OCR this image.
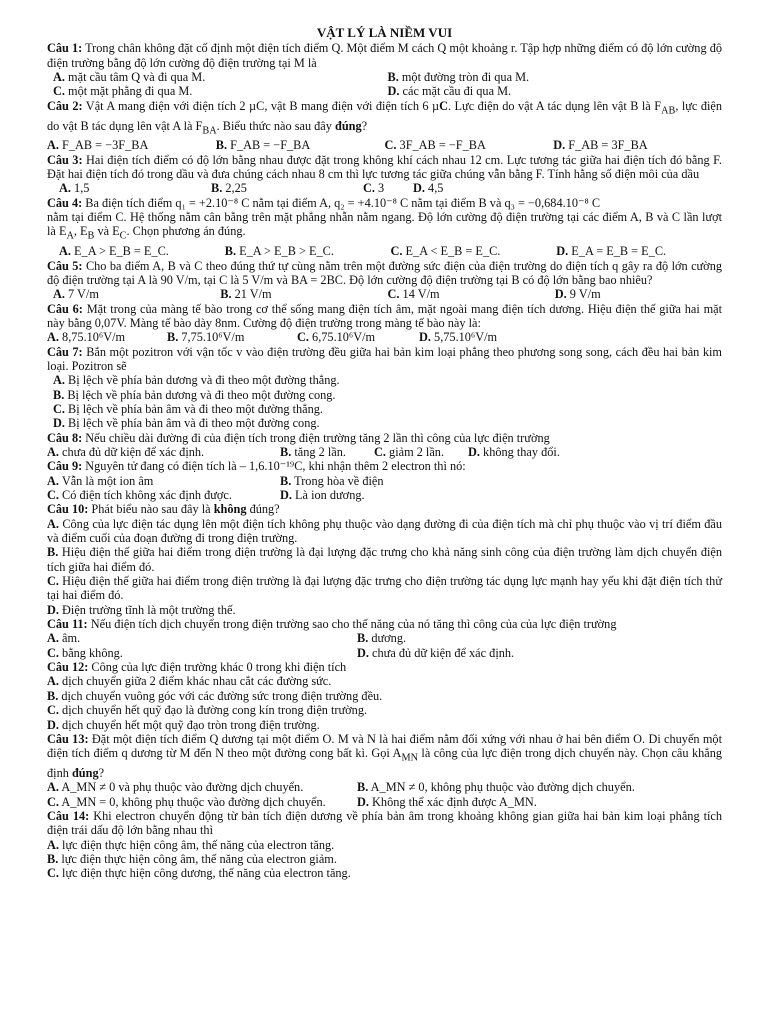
VẬT LÝ LÀ NIỀM VUI
Câu 1: Trong chân không đặt cố định một điện tích điểm Q. Một điểm M cách Q một khoảng r. Tập hợp những điểm có độ lớn cường độ điện trường bằng độ lớn cường độ điện trường tại M là
A. mặt cầu tâm Q và đi qua M.	B. một đường tròn đi qua M.
C. một mặt phẳng đi qua M.	D. các mặt cầu đi qua M.
Câu 2: Vật A mang điện với điện tích 2 µC, vật B mang điện với điện tích 6 µC. Lực điện do vật A tác dụng lên vật B là $F_{AB}$, lực điện do vật B tác dụng lên vật A là $F_{BA}$. Biểu thức nào sau đây đúng?
A. F_AB = −3F_BA	B. F_AB = −F_BA	C. 3F_AB = −F_BA	D. F_AB = 3F_BA
Câu 3: Hai điện tích điểm có độ lớn bằng nhau được đặt trong không khí cách nhau 12 cm. Lực tương tác giữa hai điện tích đó bằng F. Đặt hai điện tích đó trong dầu và đưa chúng cách nhau 8 cm thì lực tương tác giữa chúng vẫn bằng F. Tính hằng số điện môi của dầu
A. 1,5	B. 2,25	C. 3	D. 4,5
Câu 4: Ba điện tích điểm q₁ = +2.10⁻⁸ C nằm tại điểm A, q₂ = +4.10⁻⁸ C nằm tại điểm B và q₃ = −0,684.10⁻⁸ C
nằm tại điểm C. Hệ thống nằm cân bằng trên mặt phẳng nhẵn nằm ngang. Độ lớn cường độ điện trường tại các điểm A, B và C lần lượt là $E_A$, $E_B$ và $E_C$. Chọn phương án đúng.
A. E_A > E_B = E_C.	B. E_A > E_B > E_C.	C. E_A < E_B = E_C.	D. E_A = E_B = E_C.
Câu 5: Cho ba điểm A, B và C theo đúng thứ tự cùng nằm trên một đường sức điện của điện trường do điện tích q gây ra độ lớn cường độ điện trường tại A là 90 V/m, tại C là 5 V/m và BA = 2BC. Độ lớn cường độ điện trường tại B có độ lớn bằng bao nhiêu?
A. 7 V/m	B. 21 V/m	C. 14 V/m	D. 9 V/m
Câu 6: Mặt trong của màng tế bào trong cơ thể sống mang điện tích âm, mặt ngoài mang điện tích dương. Hiệu điện thế giữa hai mặt này bằng 0,07V. Màng tế bào dày 8nm. Cường độ điện trường trong màng tế bào này là:
A. 8,75.10⁶V/m	B. 7,75.10⁶V/m	C. 6,75.10⁶V/m	D. 5,75.10⁶V/m
Câu 7: Bắn một pozitron với vận tốc v vào điện trường đều giữa hai bản kim loại phẳng theo phương song song, cách đều hai bản kim loại. Pozitron sẽ
A. Bị lệch về phía bản dương và đi theo một đường thẳng.
B. Bị lệch về phía bản dương và đi theo một đường cong.
C. Bị lệch về phía bản âm và đi theo một đường thẳng.
D. Bị lệch về phía bản âm và đi theo một đường cong.
Câu 8: Nếu chiều dài đường đi của điện tích trong điện trường tăng 2 lần thì công của lực điện trường
A. chưa đủ dữ kiện để xác định.	B. tăng 2 lần.	C. giảm 2 lần.	D. không thay đổi.
Câu 9: Nguyên tử đang có điện tích là – 1,6.10⁻¹⁹C, khi nhận thêm 2 electron thì nó:
A. Vẫn là một ion âm	B. Trong hòa về điện
C. Có điện tích không xác định được.	D. Là ion dương.
Câu 10: Phát biểu nào sau đây là không đúng?
A. Công của lực điện tác dụng lên một điện tích không phụ thuộc vào dạng đường đi của điện tích mà chỉ phụ thuộc vào vị trí điểm đầu và điểm cuối của đoạn đường đi trong điện trường.
B. Hiệu điện thế giữa hai điểm trong điện trường là đại lượng đặc trưng cho khả năng sinh công của điện trường làm dịch chuyển điện tích giữa hai điểm đó.
C. Hiệu điện thế giữa hai điểm trong điện trường là đại lượng đặc trưng cho điện trường tác dụng lực mạnh hay yếu khi đặt điện tích thử tại hai điểm đó.
D. Điện trường tĩnh là một trường thế.
Câu 11: Nếu điện tích dịch chuyển trong điện trường sao cho thế năng của nó tăng thì công của của lực điện trường
A. âm.	B. dương.
C. bằng không.	D. chưa đủ dữ kiện để xác định.
Câu 12: Công của lực điện trường khác 0 trong khi điện tích
A. dịch chuyển giữa 2 điểm khác nhau cắt các đường sức.
B. dịch chuyển vuông góc với các đường sức trong điện trường đều.
C. dịch chuyển hết quỹ đạo là đường cong kín trong điện trường.
D. dịch chuyển hết một quỹ đạo tròn trong điện trường.
Câu 13: Đặt một điện tích điểm Q dương tại một điểm O. M và N là hai điểm nằm đối xứng với nhau ở hai bên điểm O. Di chuyển một điện tích điểm q dương từ M đến N theo một đường cong bất kì. Gọi $A_{MN}$ là công của lực điện trong dịch chuyển này. Chọn câu khẳng định đúng?
A. A_MN ≠ 0 và phụ thuộc vào đường dịch chuyển.	B. A_MN ≠ 0, không phụ thuộc vào đường dịch chuyển.
C. A_MN = 0, không phụ thuộc vào đường dịch chuyển.	D. Không thể xác định được A_MN.
Câu 14: Khi electron chuyển động từ bản tích điện dương về phía bản âm trong khoảng không gian giữa hai bản kim loại phẳng tích điện trái dấu độ lớn bằng nhau thì
A. lực điện thực hiện công âm, thế năng của electron tăng.
B. lực điện thực hiện công âm, thế năng của electron giảm.
C. lực điện thực hiện công dương, thế năng của electron tăng.
